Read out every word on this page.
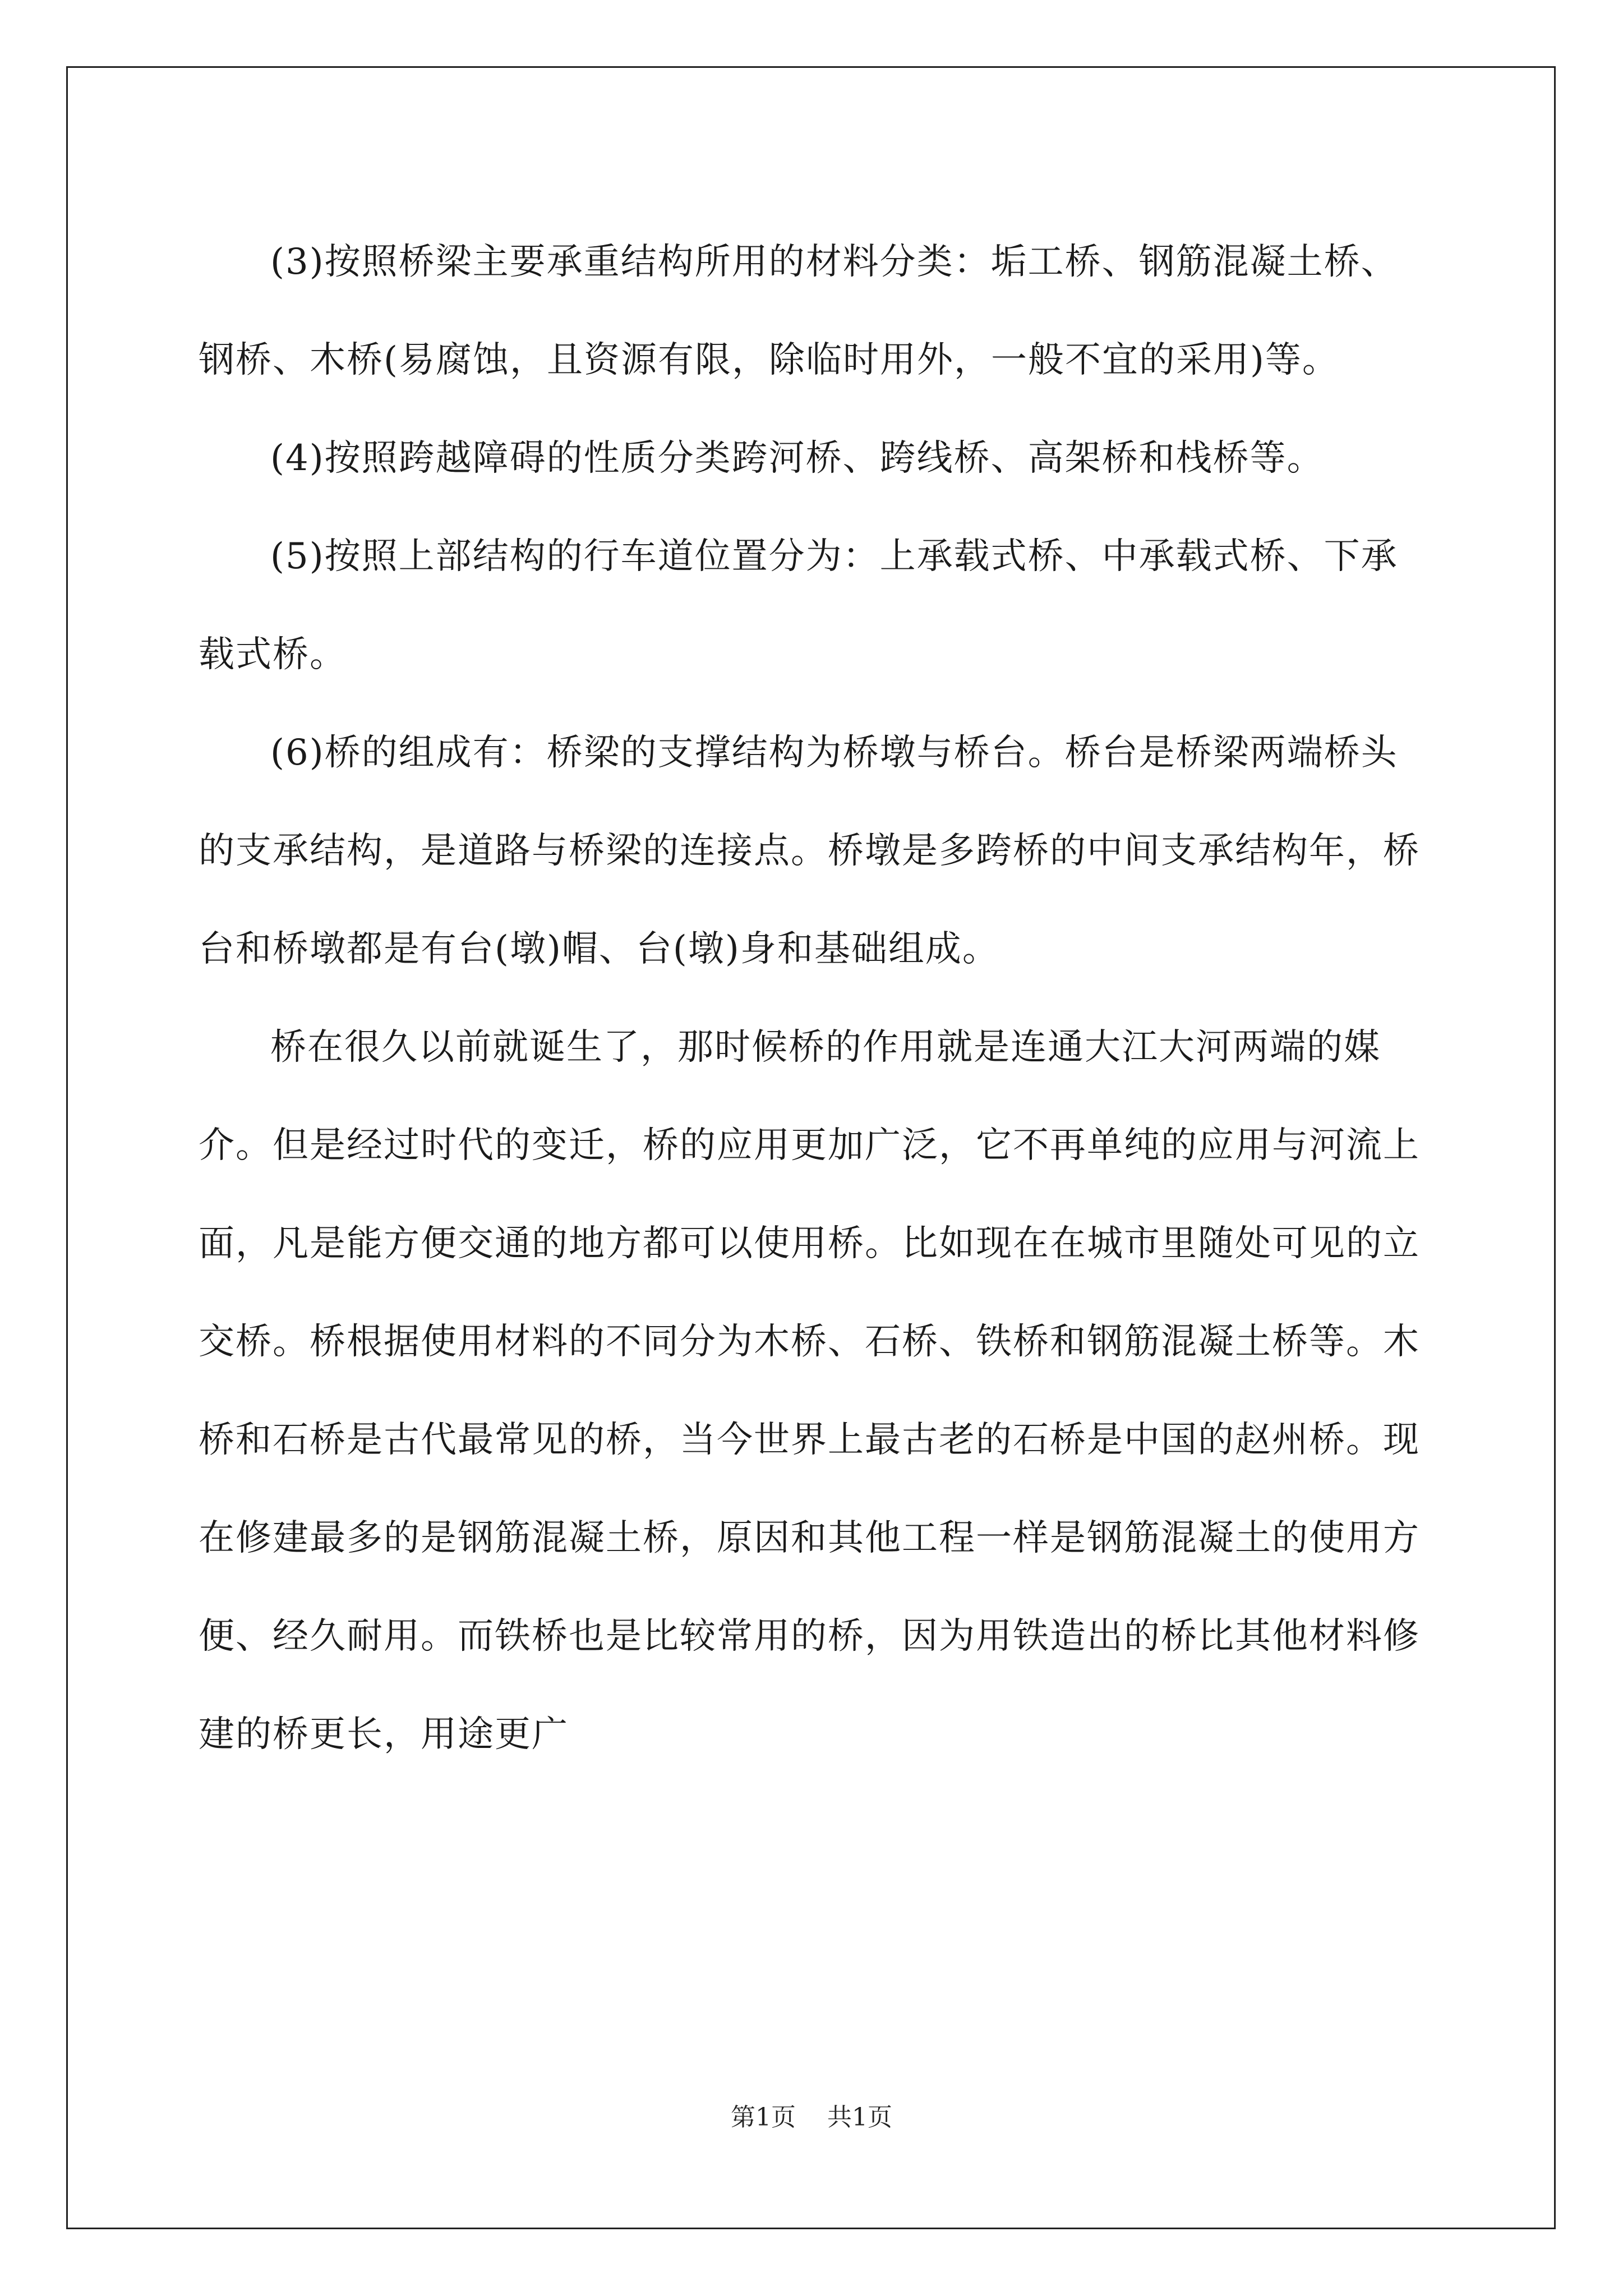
(3)按照桥梁主要承重结构所用的材料分类：垢工桥、钢筋混凝土桥、钢桥、木桥(易腐蚀，且资源有限，除临时用外，一般不宜的采用)等。

(4)按照跨越障碍的性质分类跨河桥、跨线桥、高架桥和栈桥等。

(5)按照上部结构的行车道位置分为：上承载式桥、中承载式桥、下承载式桥。

(6)桥的组成有：桥梁的支撑结构为桥墩与桥台。桥台是桥梁两端桥头的支承结构，是道路与桥梁的连接点。桥墩是多跨桥的中间支承结构年，桥台和桥墩都是有台(墩)帽、台(墩)身和基础组成。

桥在很久以前就诞生了，那时候桥的作用就是连通大江大河两端的媒介。但是经过时代的变迁，桥的应用更加广泛，它不再单纯的应用与河流上面，凡是能方便交通的地方都可以使用桥。比如现在在城市里随处可见的立交桥。桥根据使用材料的不同分为木桥、石桥、铁桥和钢筋混凝土桥等。木桥和石桥是古代最常见的桥，当今世界上最古老的石桥是中国的赵州桥。现在修建最多的是钢筋混凝土桥，原因和其他工程一样是钢筋混凝土的使用方便、经久耐用。而铁桥也是比较常用的桥，因为用铁造出的桥比其他材料修建的桥更长，用途更广

第1页 共1页
